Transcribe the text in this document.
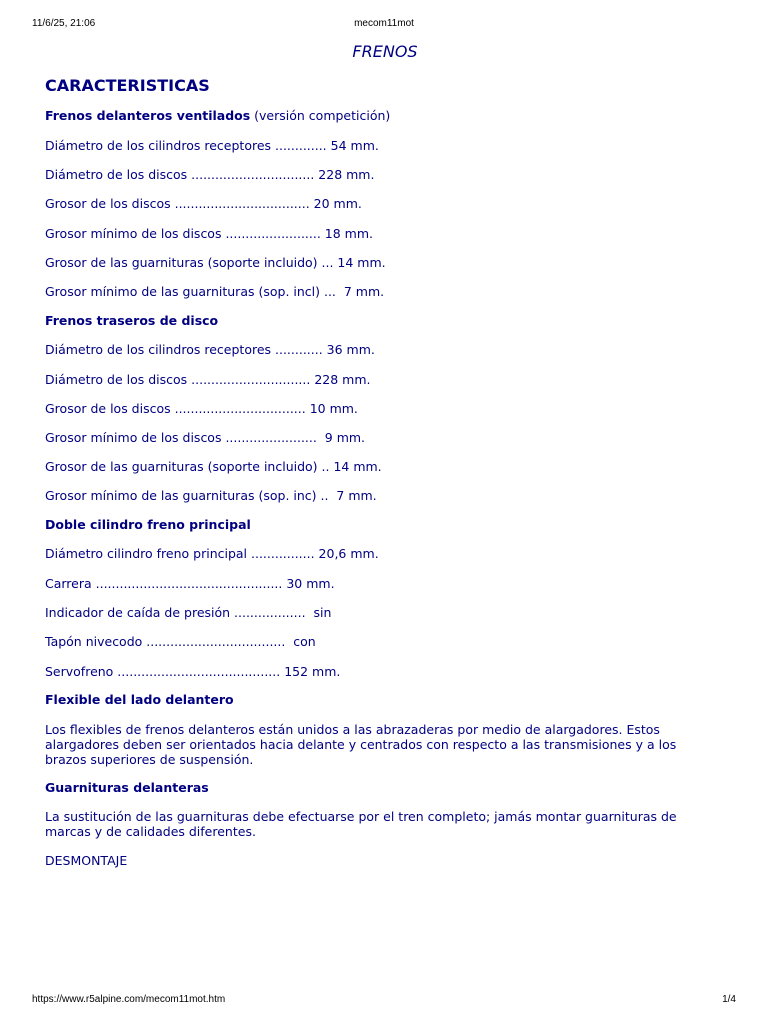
11/6/25, 21:06	mecom11mot
FRENOS
CARACTERISTICAS
Frenos delanteros ventilados (versión competición)
Diámetro de los cilindros receptores ............. 54 mm.
Diámetro de los discos ............................... 228 mm.
Grosor de los discos .................................. 20 mm.
Grosor mínimo de los discos ........................ 18 mm.
Grosor de las guarnituras (soporte incluido) ... 14 mm.
Grosor mínimo de las guarnituras (sop. incl) ...  7 mm.
Frenos traseros de disco
Diámetro de los cilindros receptores ............ 36 mm.
Diámetro de los discos .............................. 228 mm.
Grosor de los discos ................................. 10 mm.
Grosor mínimo de los discos .......................  9 mm.
Grosor de las guarnituras (soporte incluido) .. 14 mm.
Grosor mínimo de las guarnituras (sop. inc) ..  7 mm.
Doble cilindro freno principal
Diámetro cilindro freno principal ................ 20,6 mm.
Carrera ............................................... 30 mm.
Indicador de caída de presión ..................  sin
Tapón nivecodo ...................................  con
Servofreno ......................................... 152 mm.
Flexible del lado delantero
Los flexibles de frenos delanteros están unidos a las abrazaderas por medio de alargadores. Estos alargadores deben ser orientados hacia delante y centrados con respecto a las transmisiones y a los brazos superiores de suspensión.
Guarnituras delanteras
La sustitución de las guarnituras debe efectuarse por el tren completo; jamás montar guarnituras de marcas y de calidades diferentes.
DESMONTAJE
https://www.r5alpine.com/mecom11mot.htm	1/4
